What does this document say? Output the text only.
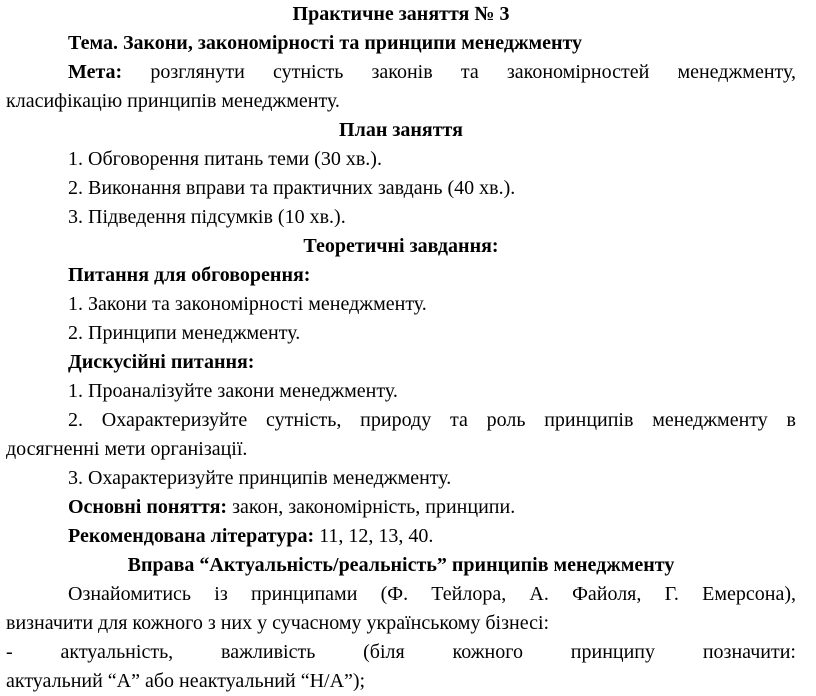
Практичне заняття № 3
Тема. Закони, закономірності та принципи менеджменту
Мета: розглянути сутність законів та закономірностей менеджменту,
класифікацію принципів менеджменту.
План заняття
1. Обговорення питань теми (30 хв.).
2. Виконання вправи та практичних завдань (40 хв.).
3. Підведення підсумків (10 хв.).
Теоретичні завдання:
Питання для обговорення:
1. Закони та закономірності менеджменту.
2. Принципи менеджменту.
Дискусійні питання:
1. Проаналізуйте закони менеджменту.
2. Охарактеризуйте сутність, природу та роль принципів менеджменту в
досягненні мети організації.
3. Охарактеризуйте принципів менеджменту.
Основні поняття: закон, закономірність, принципи.
Рекомендована література: 11, 12, 13, 40.
Вправа “Актуальність/реальність” принципів менеджменту
Ознайомитись із принципами (Ф. Тейлора, А. Файоля, Г. Емерсона),
визначити для кожного з них у сучасному українському бізнесі:
- актуальність, важливість (біля кожного принципу позначити:
актуальний “А” або неактуальний “Н/А”);
